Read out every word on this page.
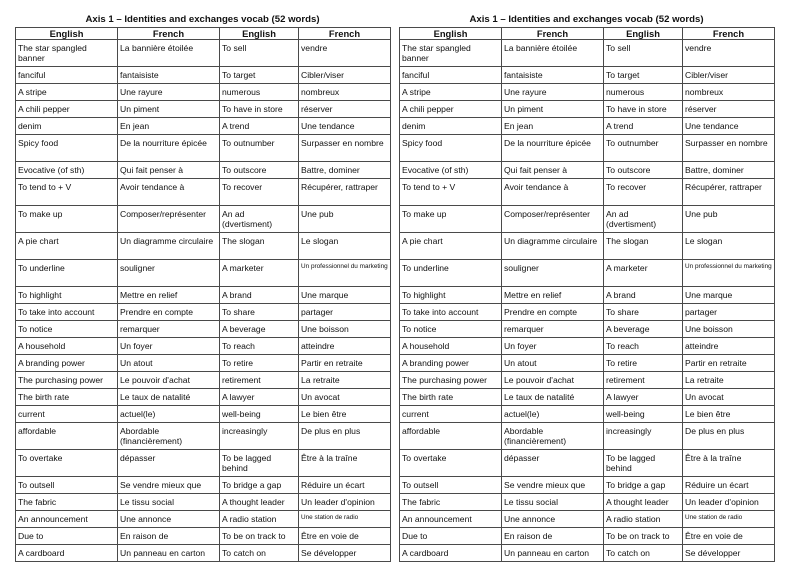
Axis 1 – Identities and exchanges vocab (52 words)
English	French	English	French
The star spangled banner	La bannière étoilée	To sell	vendre
fanciful	fantaisiste	To target	Cibler/viser
A stripe	Une rayure	numerous	nombreux
A chili pepper	Un piment	To have in store	réserver
denim	En jean	A trend	Une tendance
Spicy food	De la nourriture épicée	To outnumber	Surpasser en nombre
Evocative (of sth)	Qui fait penser à	To outscore	Battre, dominer
To tend to + V	Avoir tendance à	To recover	Récupérer, rattraper
To make up	Composer/représenter	An ad (dvertisment)	Une pub
A pie chart	Un diagramme circulaire	The slogan	Le slogan
To underline	souligner	A marketer	Un professionnel du marketing
To highlight	Mettre en relief	A brand	Une marque
To take into account	Prendre en compte	To share	partager
To notice	remarquer	A beverage	Une boisson
A household	Un foyer	To reach	atteindre
A branding power	Un atout	To retire	Partir en retraite
The purchasing power	Le pouvoir d'achat	retirement	La retraite
The birth rate	Le taux de natalité	A lawyer	Un avocat
current	actuel(le)	well-being	Le bien être
affordable	Abordable (financièrement)	increasingly	De plus en plus
To overtake	dépasser	To be lagged behind	Être à la traîne
To outsell	Se vendre mieux que	To bridge a gap	Réduire un écart
The fabric	Le tissu social	A thought leader	Un leader d'opinion
An announcement	Une annonce	A radio station	Une station de radio
Due to	En raison de	To be on track to	Être en voie de
A cardboard	Un panneau en carton	To catch on	Se développer
Axis 1 – Identities and exchanges vocab (52 words)
English	French	English	French
The star spangled banner	La bannière étoilée	To sell	vendre
fanciful	fantaisiste	To target	Cibler/viser
A stripe	Une rayure	numerous	nombreux
A chili pepper	Un piment	To have in store	réserver
denim	En jean	A trend	Une tendance
Spicy food	De la nourriture épicée	To outnumber	Surpasser en nombre
Evocative (of sth)	Qui fait penser à	To outscore	Battre, dominer
To tend to + V	Avoir tendance à	To recover	Récupérer, rattraper
To make up	Composer/représenter	An ad (dvertisment)	Une pub
A pie chart	Un diagramme circulaire	The slogan	Le slogan
To underline	souligner	A marketer	Un professionnel du marketing
To highlight	Mettre en relief	A brand	Une marque
To take into account	Prendre en compte	To share	partager
To notice	remarquer	A beverage	Une boisson
A household	Un foyer	To reach	atteindre
A branding power	Un atout	To retire	Partir en retraite
The purchasing power	Le pouvoir d'achat	retirement	La retraite
The birth rate	Le taux de natalité	A lawyer	Un avocat
current	actuel(le)	well-being	Le bien être
affordable	Abordable (financièrement)	increasingly	De plus en plus
To overtake	dépasser	To be lagged behind	Être à la traîne
To outsell	Se vendre mieux que	To bridge a gap	Réduire un écart
The fabric	Le tissu social	A thought leader	Un leader d'opinion
An announcement	Une annonce	A radio station	Une station de radio
Due to	En raison de	To be on track to	Être en voie de
A cardboard	Un panneau en carton	To catch on	Se développer
